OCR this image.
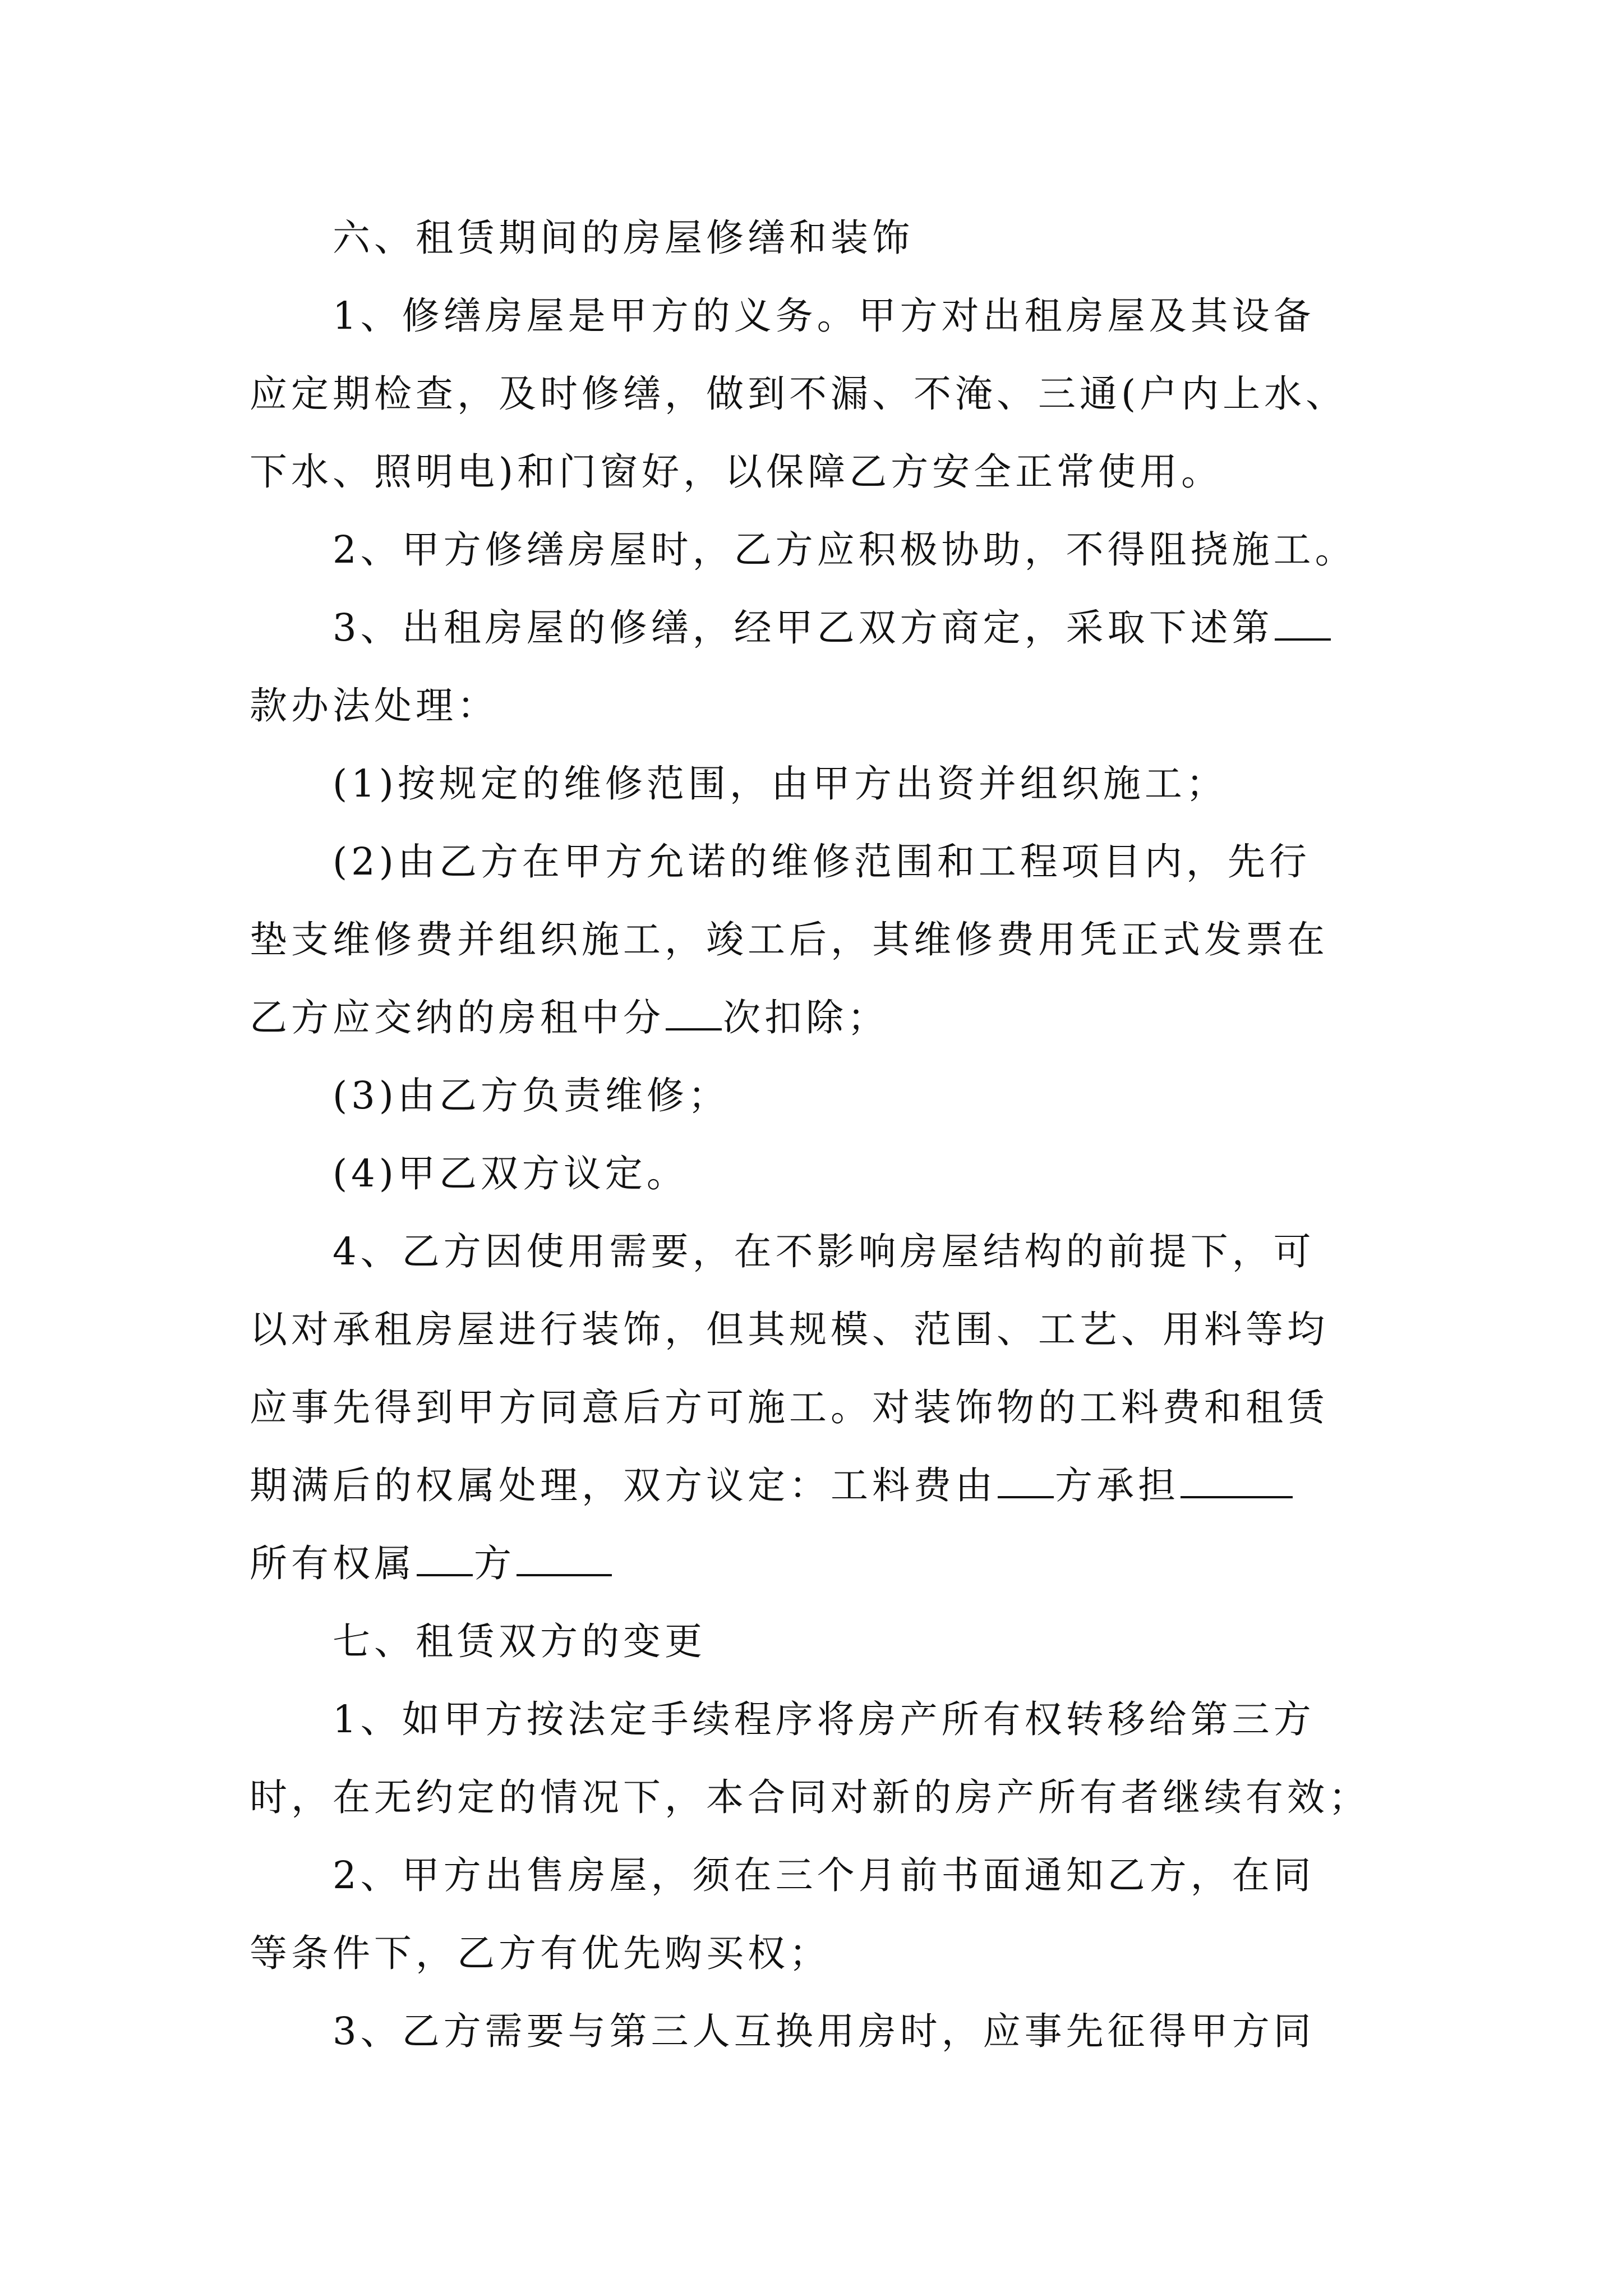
六、租赁期间的房屋修缮和装饰
1、修缮房屋是甲方的义务。甲方对出租房屋及其设备
应定期检查，及时修缮，做到不漏、不淹、三通(户内上水、
下水、照明电)和门窗好，以保障乙方安全正常使用。
2、甲方修缮房屋时，乙方应积极协助，不得阻挠施工。
3、出租房屋的修缮，经甲乙双方商定，采取下述第
款办法处理：
(1)按规定的维修范围，由甲方出资并组织施工；
(2)由乙方在甲方允诺的维修范围和工程项目内，先行
垫支维修费并组织施工，竣工后，其维修费用凭正式发票在
乙方应交纳的房租中分 次扣除；
(3)由乙方负责维修；
(4)甲乙双方议定。
4、乙方因使用需要，在不影响房屋结构的前提下，可
以对承租房屋进行装饰，但其规模、范围、工艺、用料等均
应事先得到甲方同意后方可施工。对装饰物的工料费和租赁
期满后的权属处理，双方议定：工料费由 方承担
所有权属 方
七、租赁双方的变更
1、如甲方按法定手续程序将房产所有权转移给第三方
时，在无约定的情况下，本合同对新的房产所有者继续有效；
2、甲方出售房屋，须在三个月前书面通知乙方，在同
等条件下，乙方有优先购买权；
3、乙方需要与第三人互换用房时，应事先征得甲方同
